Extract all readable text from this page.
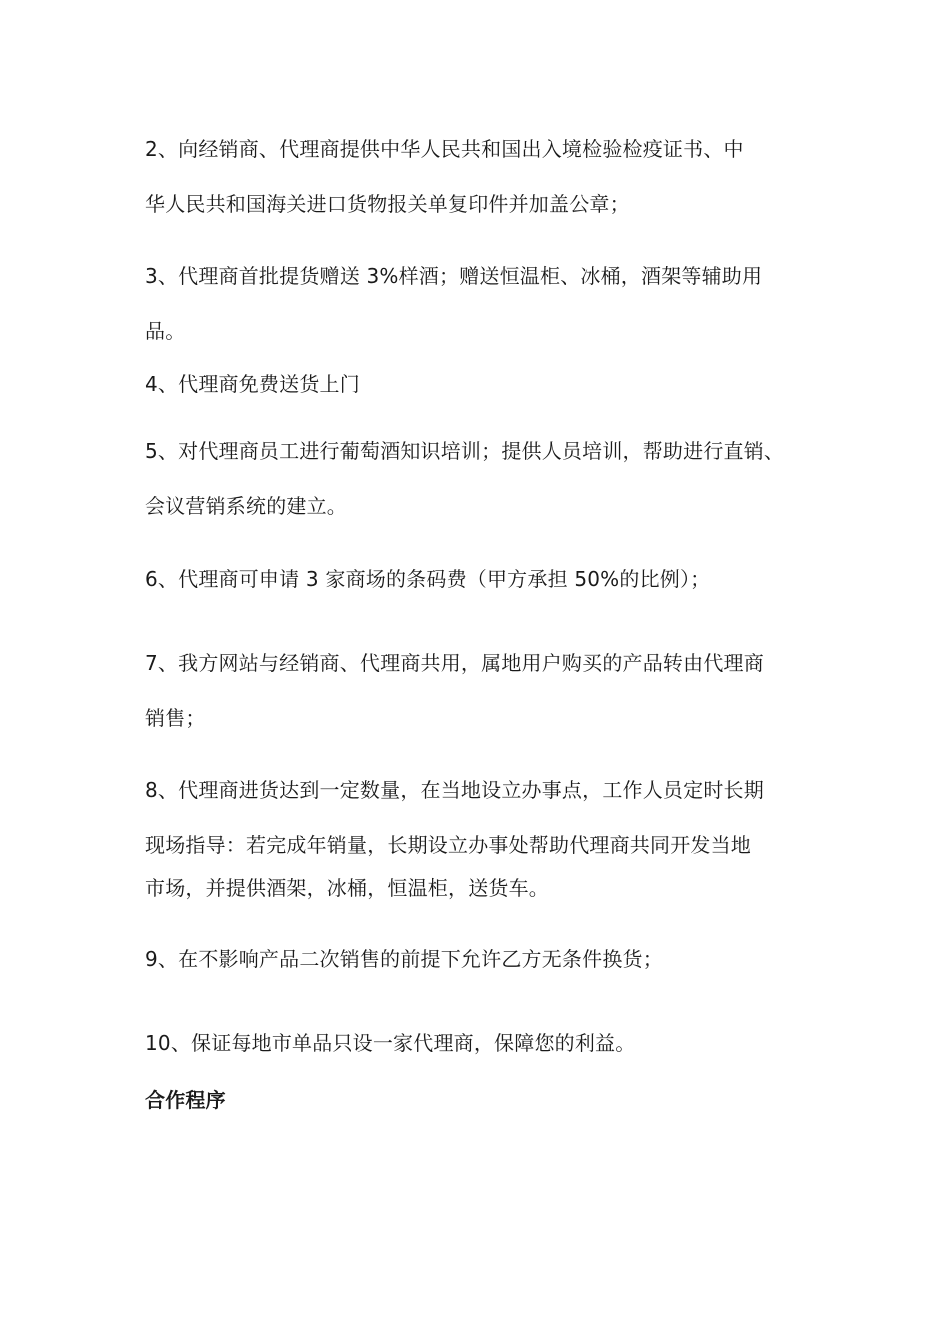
2、向经销商、代理商提供中华人民共和国出入境检验检疫证书、中
华人民共和国海关进口货物报关单复印件并加盖公章；
3、代理商首批提货赠送 3%样酒；赠送恒温柜、冰桶，酒架等辅助用
品。
4、代理商免费送货上门
5、对代理商员工进行葡萄酒知识培训；提供人员培训，帮助进行直销、
会议营销系统的建立。
6、代理商可申请 3 家商场的条码费（甲方承担 50%的比例）；
7、我方网站与经销商、代理商共用，属地用户购买的产品转由代理商
销售；
8、代理商进货达到一定数量，在当地设立办事点，工作人员定时长期
现场指导：若完成年销量，长期设立办事处帮助代理商共同开发当地
市场，并提供酒架，冰桶，恒温柜，送货车。
9、在不影响产品二次销售的前提下允许乙方无条件换货；
10、保证每地市单品只设一家代理商，保障您的利益。
合作程序
